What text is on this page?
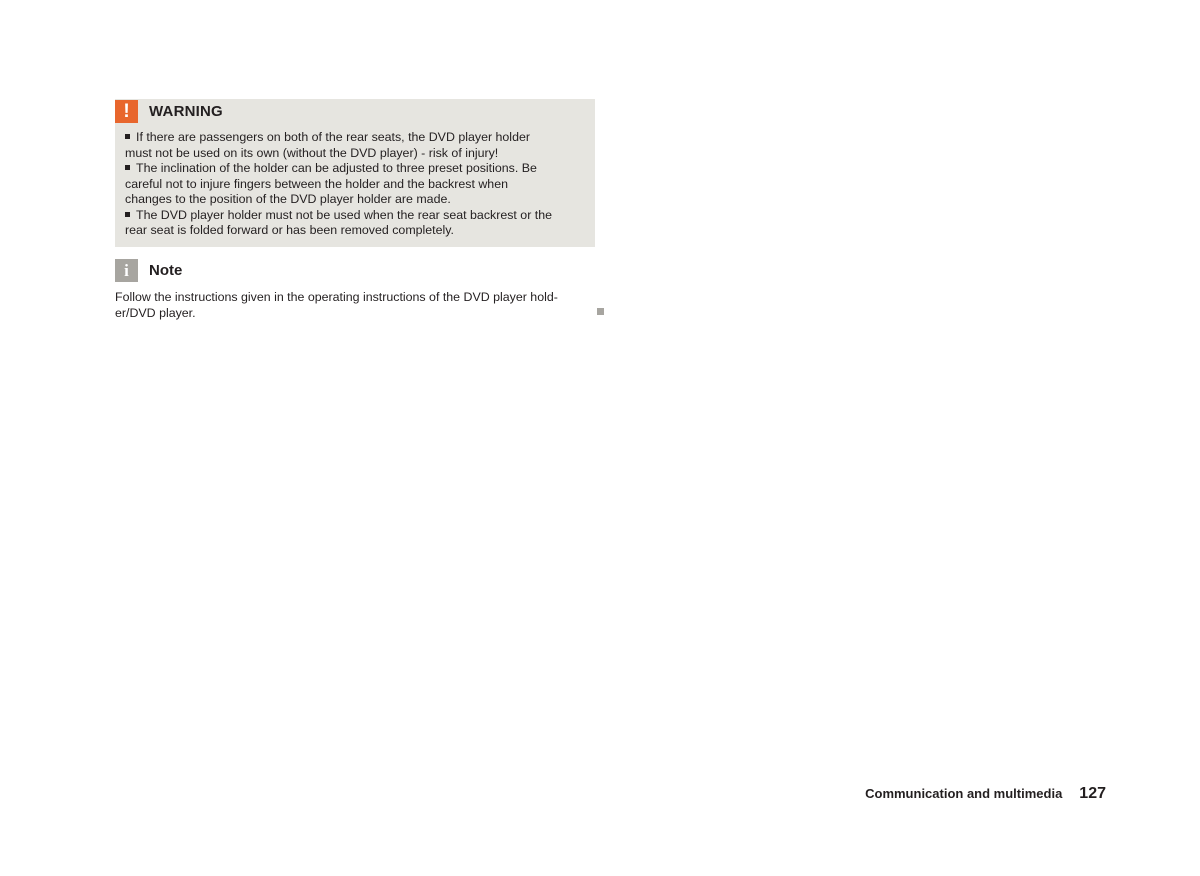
!	WARNING

If there are passengers on both of the rear seats, the DVD player holder
must not be used on its own (without the DVD player) - risk of injury!

The inclination of the holder can be adjusted to three preset positions. Be
careful not to injure fingers between the holder and the backrest when
changes to the position of the DVD player holder are made.

The DVD player holder must not be used when the rear seat backrest or the
rear seat is folded forward or has been removed completely.

i	Note

Follow the instructions given in the operating instructions of the DVD player hold-
er/DVD player.

Communication and multimedia 127
